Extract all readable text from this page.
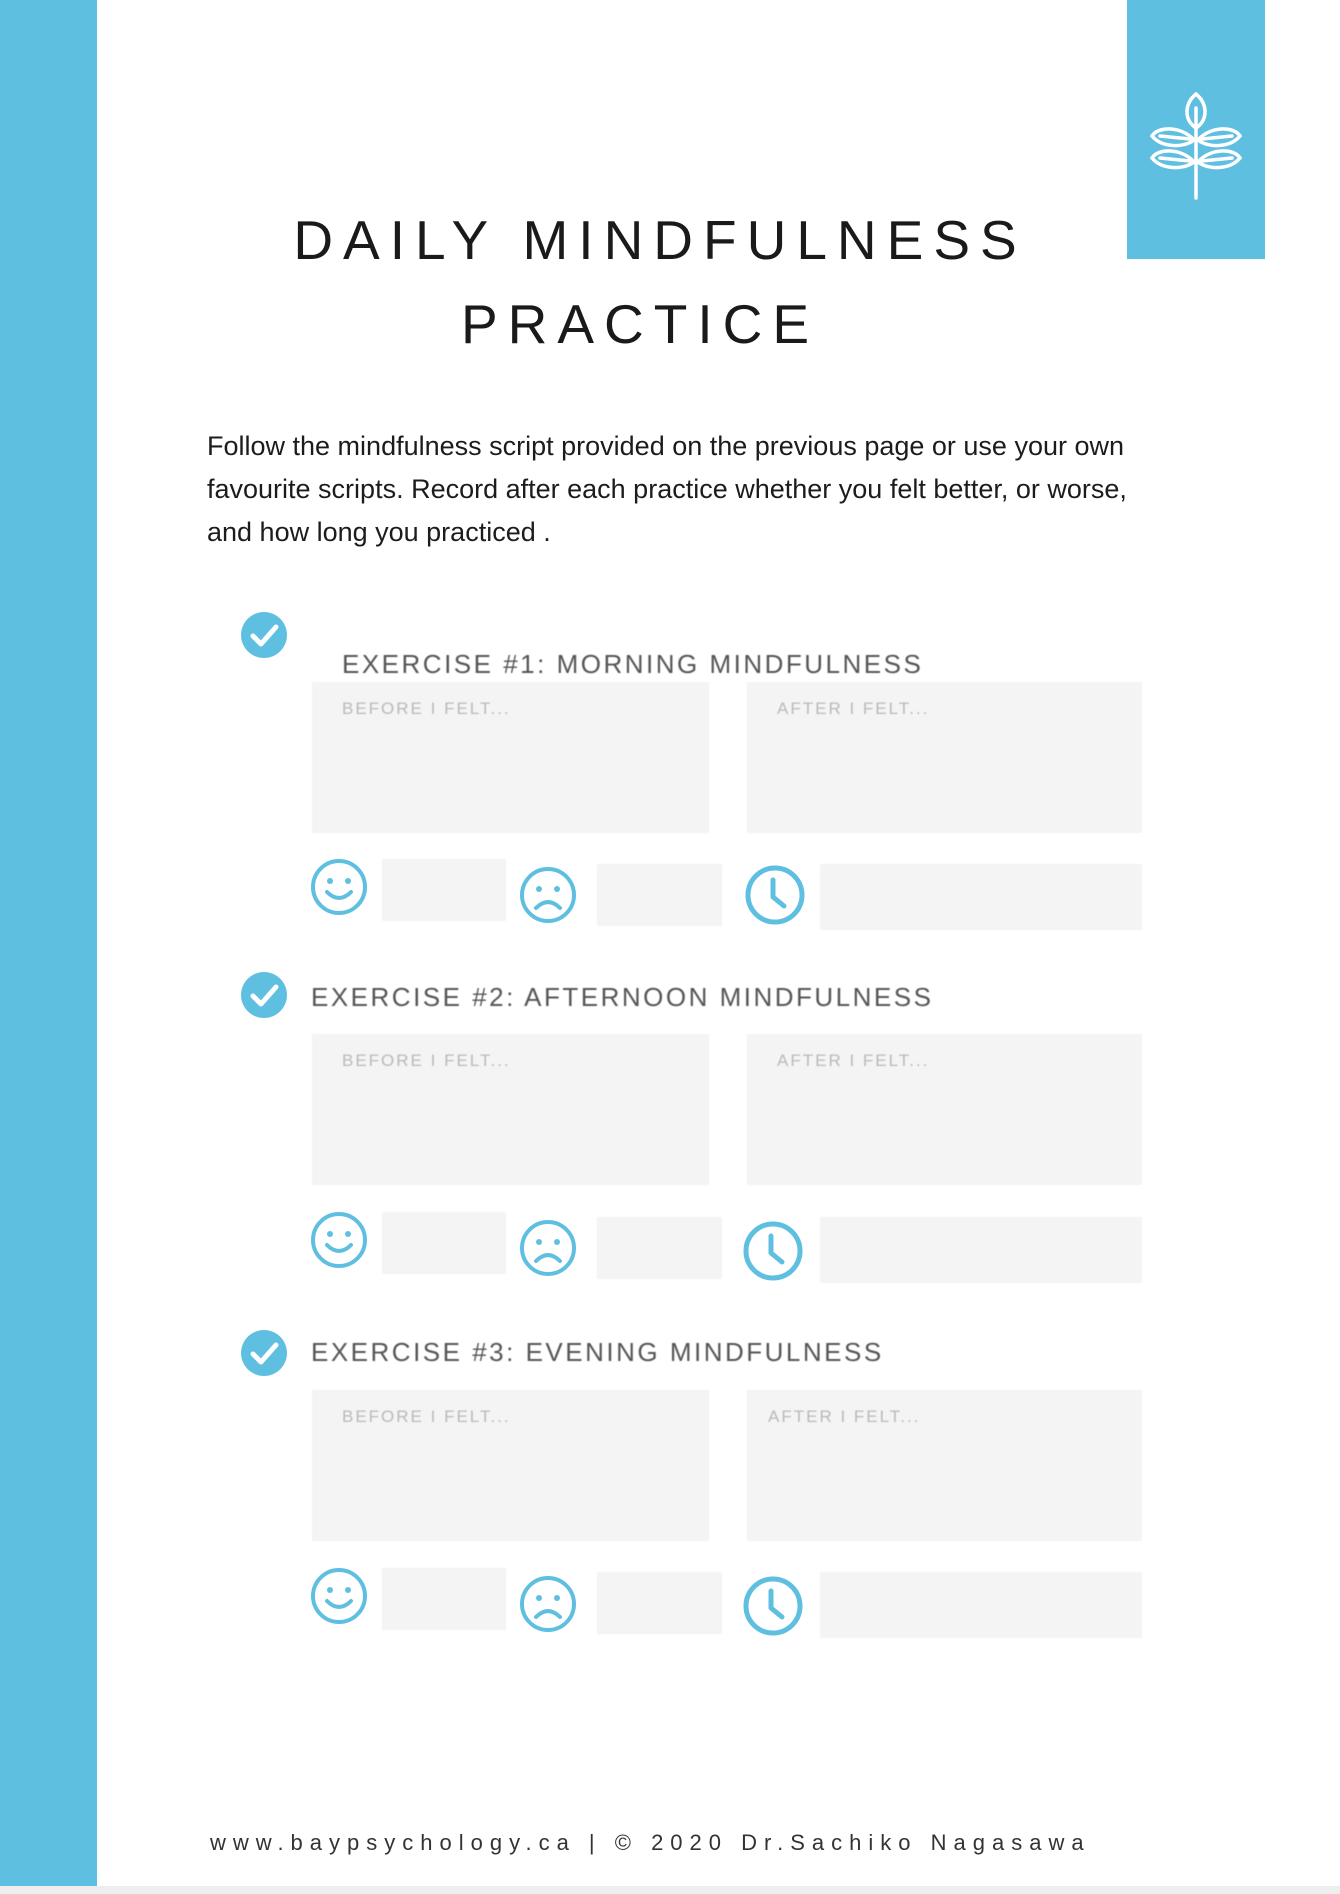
DAILY MINDFULNESS
PRACTICE
Follow the mindfulness script provided on the previous page or use your own favourite scripts. Record after each practice whether you felt better, or worse, and how long you practiced .
EXERCISE #1: MORNING MINDFULNESS
BEFORE I FELT...	AFTER I FELT...
EXERCISE #2: AFTERNOON MINDFULNESS
BEFORE I FELT...	AFTER I FELT...
EXERCISE #3: EVENING MINDFULNESS
BEFORE I FELT...	AFTER I FELT...
www.baypsychology.ca | © 2020 Dr.Sachiko Nagasawa
